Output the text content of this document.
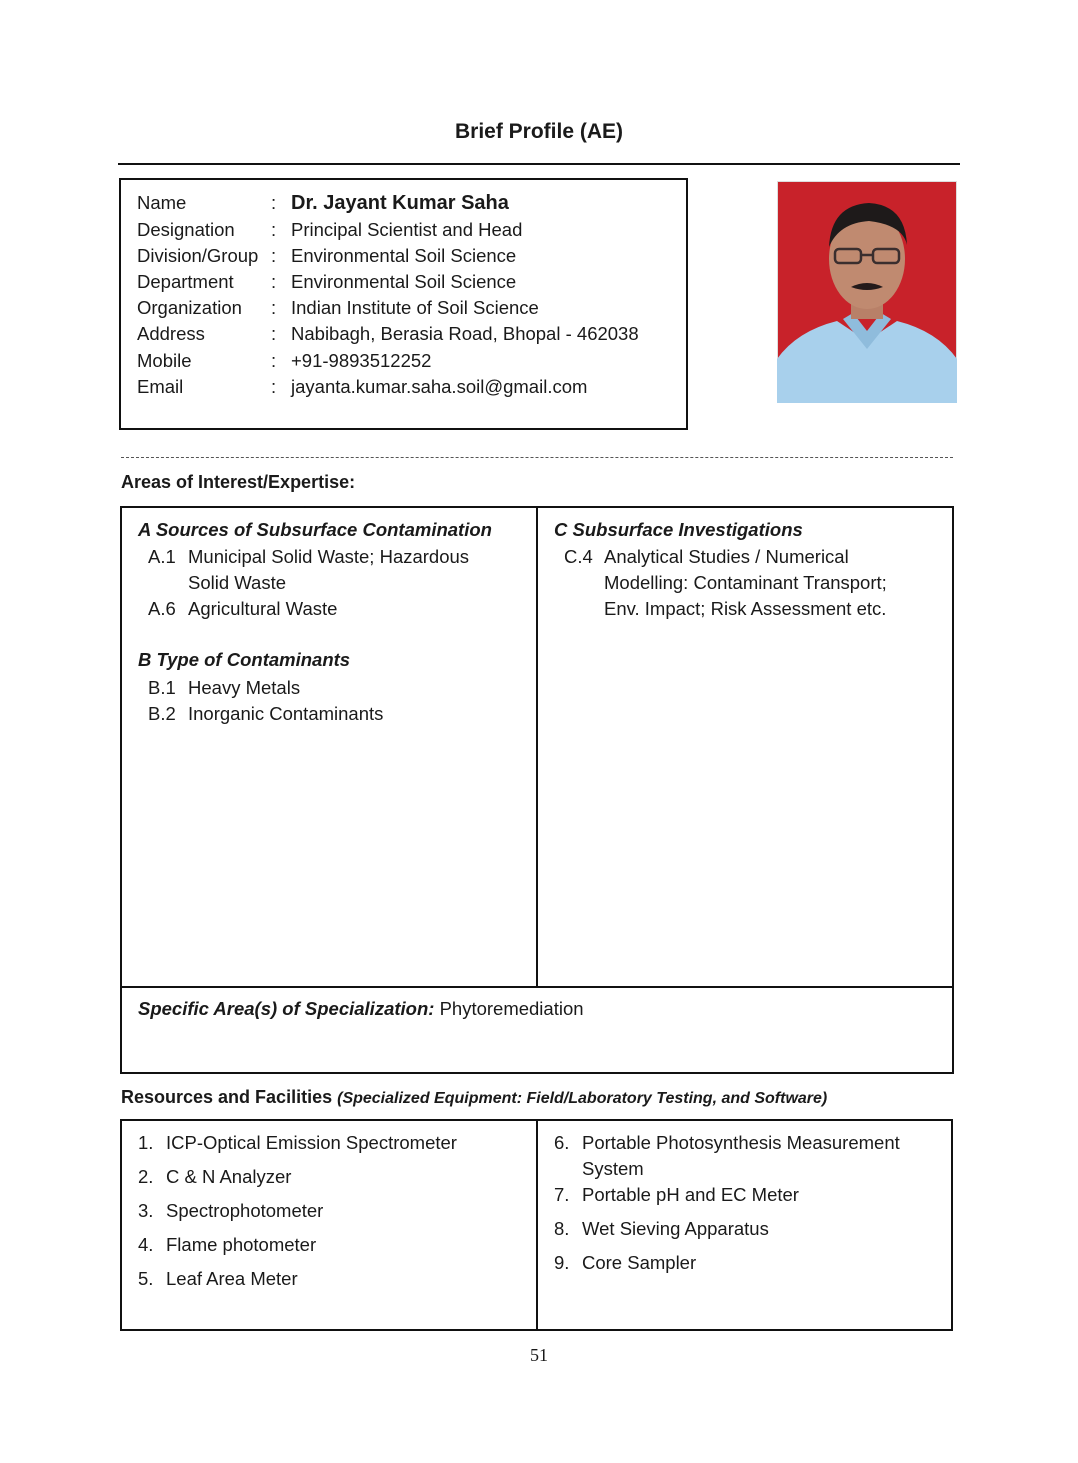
Brief Profile (AE)
Name	: Dr. Jayant Kumar Saha
Designation : Principal Scientist and Head
Division/Group : Environmental Soil Science
Department : Environmental Soil Science
Organization : Indian Institute of Soil Science
Address	: Nabibagh, Berasia Road, Bhopal - 462038
Mobile	: +91-9893512252
Email	: jayanta.kumar.saha.soil@gmail.com
Areas of Interest/Expertise:
A Sources of Subsurface Contamination
A.1 Municipal Solid Waste; Hazardous
Solid Waste
A.6 Agricultural Waste
B Type of Contaminants
B.1 Heavy Metals
B.2 Inorganic Contaminants
C Subsurface Investigations
C.4 Analytical Studies / Numerical
Modelling: Contaminant Transport;
Env. Impact; Risk Assessment etc.
Specific Area(s) of Specialization: Phytoremediation
Resources and Facilities (Specialized Equipment: Field/Laboratory Testing, and Software)
1. ICP-Optical Emission Spectrometer
2. C & N Analyzer
3. Spectrophotometer
4. Flame photometer
5. Leaf Area Meter
6. Portable Photosynthesis Measurement
System
7. Portable pH and EC Meter
8. Wet Sieving Apparatus
9. Core Sampler
51
